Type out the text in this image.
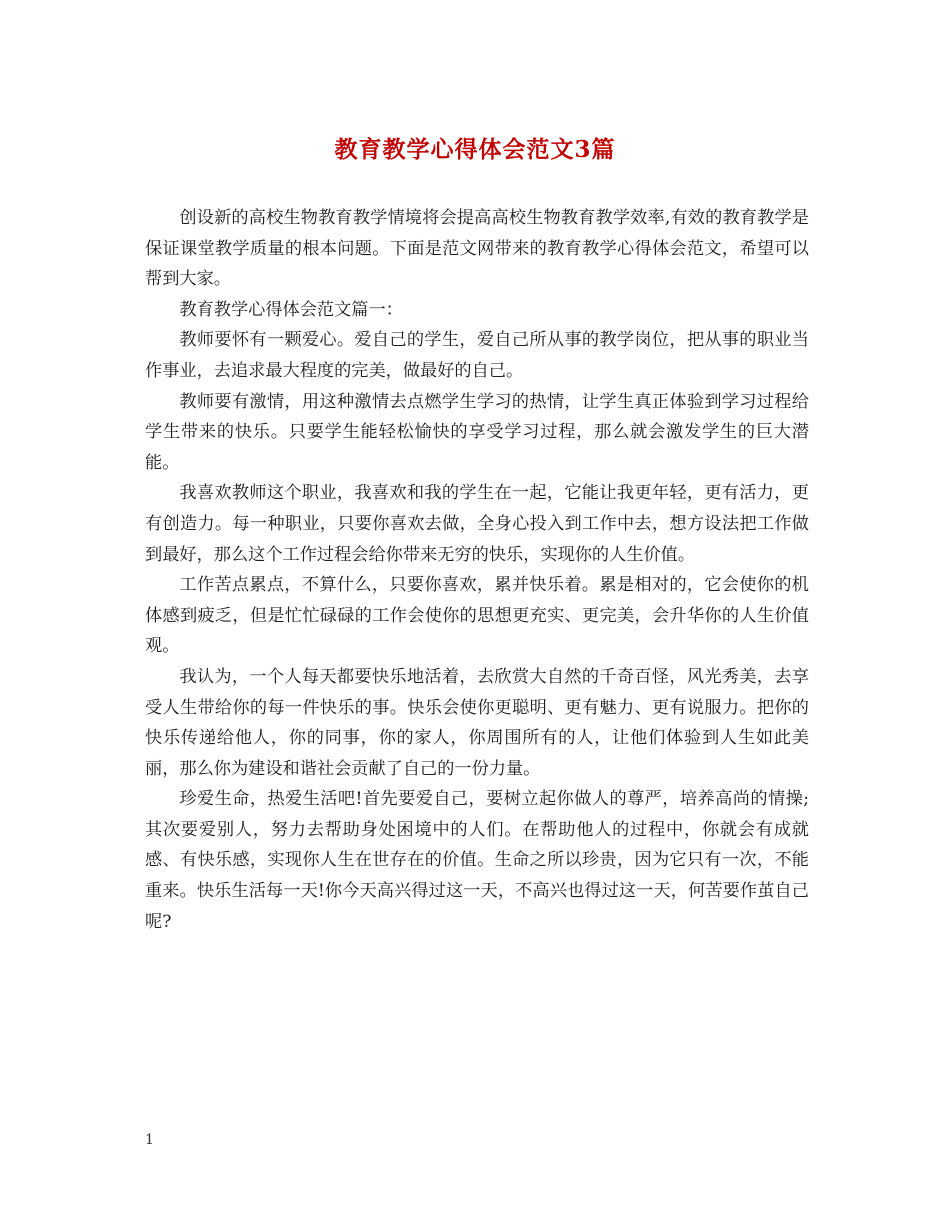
教育教学心得体会范文3篇

创设新的高校生物教育教学情境将会提高高校生物教育教学效率,有效的教育教学是保证课堂教学质量的根本问题。下面是范文网带来的教育教学心得体会范文，希望可以帮到大家。

教育教学心得体会范文篇一：

教师要怀有一颗爱心。爱自己的学生，爱自己所从事的教学岗位，把从事的职业当作事业，去追求最大程度的完美，做最好的自己。

教师要有激情，用这种激情去点燃学生学习的热情，让学生真正体验到学习过程给学生带来的快乐。只要学生能轻松愉快的享受学习过程，那么就会激发学生的巨大潜能。

我喜欢教师这个职业，我喜欢和我的学生在一起，它能让我更年轻，更有活力，更有创造力。每一种职业，只要你喜欢去做，全身心投入到工作中去，想方设法把工作做到最好，那么这个工作过程会给你带来无穷的快乐，实现你的人生价值。

工作苦点累点，不算什么，只要你喜欢，累并快乐着。累是相对的，它会使你的机体感到疲乏，但是忙忙碌碌的工作会使你的思想更充实、更完美，会升华你的人生价值观。

我认为，一个人每天都要快乐地活着，去欣赏大自然的千奇百怪，风光秀美，去享受人生带给你的每一件快乐的事。快乐会使你更聪明、更有魅力、更有说服力。把你的快乐传递给他人，你的同事，你的家人，你周围所有的人，让他们体验到人生如此美丽，那么你为建设和谐社会贡献了自己的一份力量。

珍爱生命，热爱生活吧!首先要爱自己，要树立起你做人的尊严，培养高尚的情操;其次要爱别人，努力去帮助身处困境中的人们。在帮助他人的过程中，你就会有成就感、有快乐感，实现你人生在世存在的价值。生命之所以珍贵，因为它只有一次，不能重来。快乐生活每一天!你今天高兴得过这一天，不高兴也得过这一天，何苦要作茧自己呢?

1
